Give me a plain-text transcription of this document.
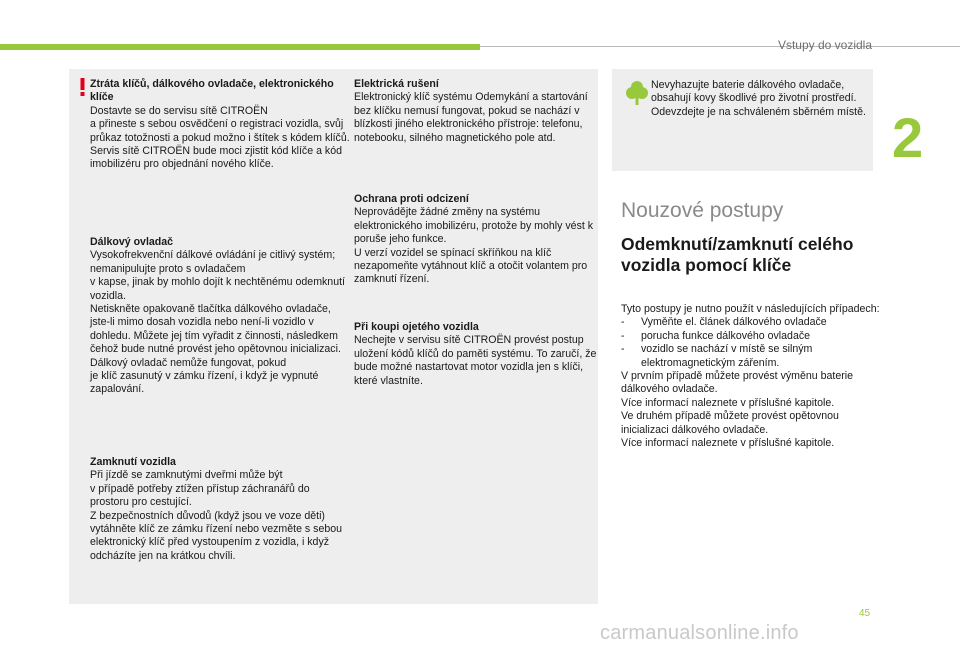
Vstupy do vozidla
2
Ztráta klíčů, dálkového ovladače, elektronického klíče
Dostavte se do servisu sítě CITROËN
a přineste s sebou osvědčení o registraci vozidla, svůj průkaz totožnosti a pokud možno i štítek s kódem klíčů.
Servis sítě CITROËN bude moci zjistit kód klíče a kód imobilizéru pro objednání nového klíče.
Dálkový ovladač
Vysokofrekvenční dálkové ovládání je citlivý systém; nemanipulujte proto s ovladačem
v kapse, jinak by mohlo dojít k nechtěnému odemknutí vozidla.
Netiskněte opakovaně tlačítka dálkového ovladače, jste-li mimo dosah vozidla nebo není-li vozidlo v dohledu. Můžete jej tím vyřadit z činnosti, následkem čehož bude nutné provést jeho opětovnou inicializaci.
Dálkový ovladač nemůže fungovat, pokud
je klíč zasunutý v zámku řízení, i když je vypnuté zapalování.
Zamknutí vozidla
Při jízdě se zamknutými dveřmi může být
v případě potřeby ztížen přístup záchranářů do prostoru pro cestující.
Z bezpečnostních důvodů (když jsou ve voze děti) vytáhněte klíč ze zámku řízení nebo vezměte s sebou elektronický klíč před vystoupením z vozidla, i když odcházíte jen na krátkou chvíli.
Elektrická rušení
Elektronický klíč systému Odemykání a startování bez klíčku nemusí fungovat, pokud se nachází v blízkosti jiného elektronického přístroje: telefonu, notebooku, silného magnetického pole atd.
Ochrana proti odcizení
Neprovádějte žádné změny na systému elektronického imobilizéru, protože by mohly vést k poruše jeho funkce.
U verzí vozidel se spínací skříňkou na klíč nezapomeňte vytáhnout klíč a otočit volantem pro zamknutí řízení.
Při koupi ojetého vozidla
Nechejte v servisu sítě CITROËN provést postup uložení kódů klíčů do paměti systému. To zaručí, že bude možné nastartovat motor vozidla jen s klíči, které vlastníte.
Nevyhazujte baterie dálkového ovladače, obsahují kovy škodlivé pro životní prostředí.
Odevzdejte je na schváleném sběrném místě.
Nouzové postupy
Odemknutí/zamknutí celého vozidla pomocí klíče
Tyto postupy je nutno použít v následujících případech:
- Vyměňte el. článek dálkového ovladače
- porucha funkce dálkového ovladače
- vozidlo se nachází v místě se silným elektromagnetickým zářením.
V prvním případě můžete provést výměnu baterie dálkového ovladače.
Více informací naleznete v příslušné kapitole.
Ve druhém případě můžete provést opětovnou inicializaci dálkového ovladače.
Více informací naleznete v příslušné kapitole.
45
carmanualsonline.info
